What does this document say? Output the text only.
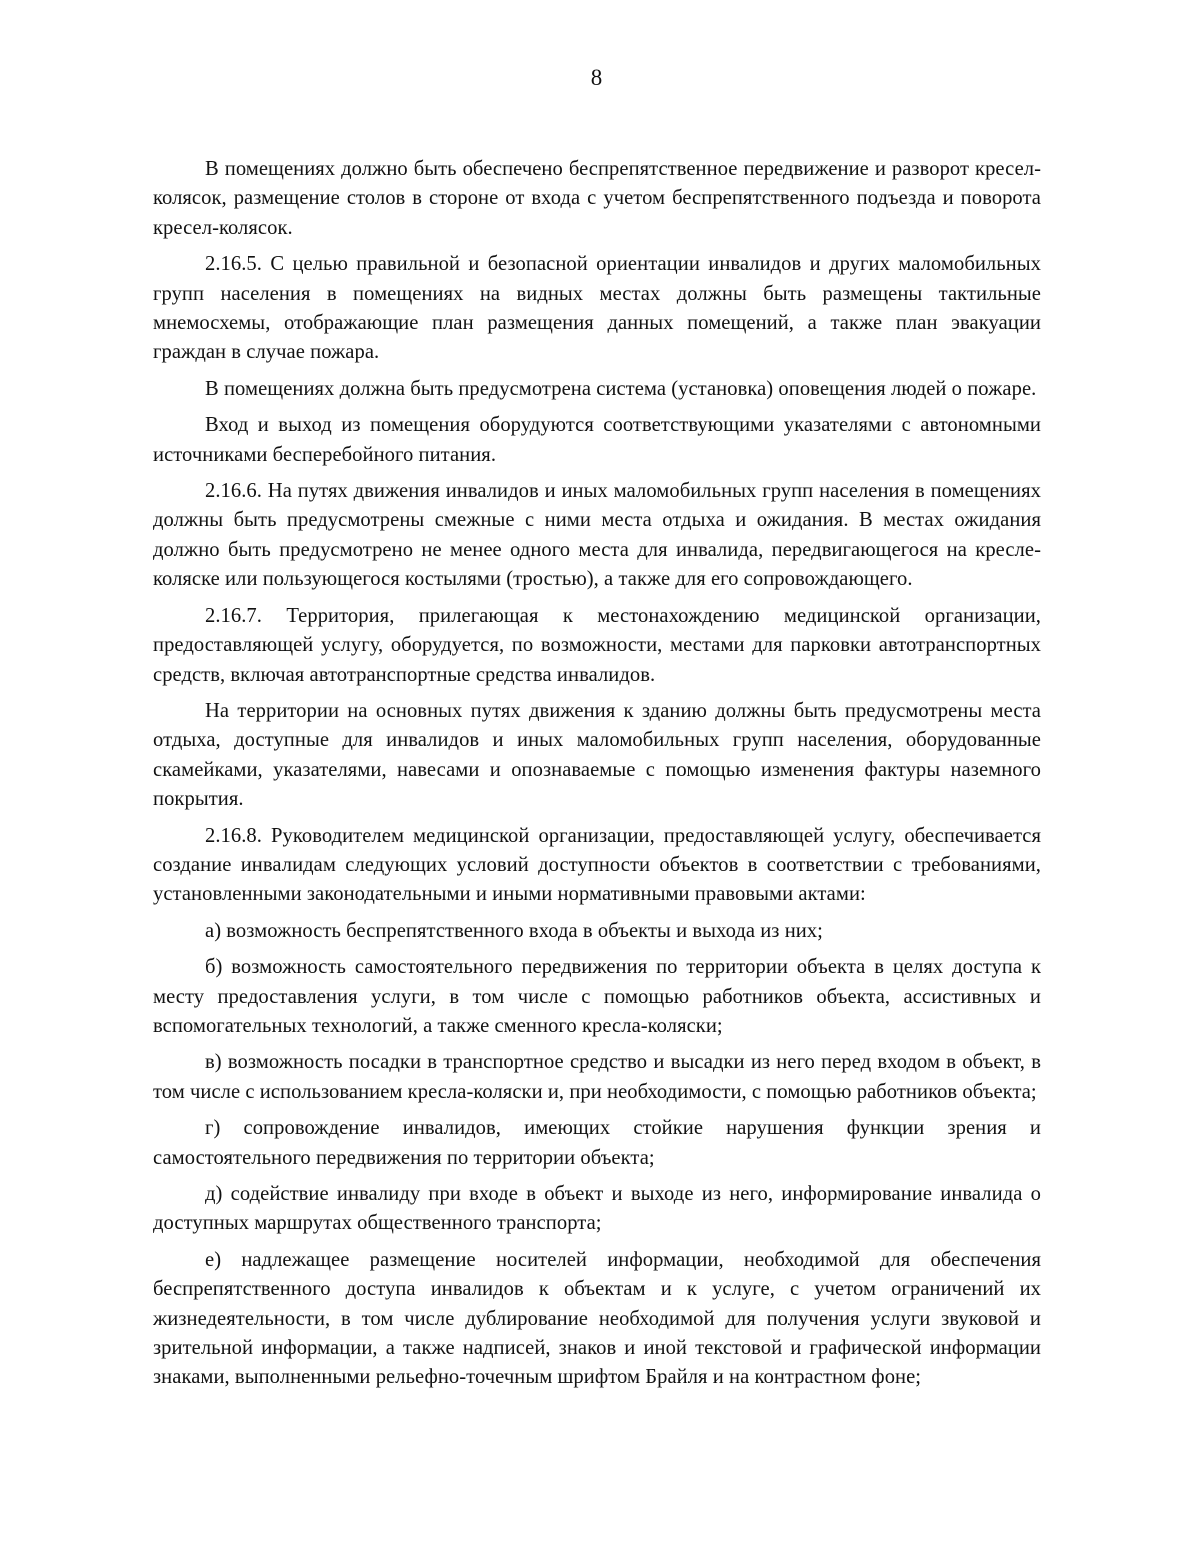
8

В помещениях должно быть обеспечено беспрепятственное передвижение и разворот кресел-колясок, размещение столов в стороне от входа с учетом беспрепятственного подъезда и поворота кресел-колясок.

2.16.5. С целью правильной и безопасной ориентации инвалидов и других маломобильных групп населения в помещениях на видных местах должны быть размещены тактильные мнемосхемы, отображающие план размещения данных помещений, а также план эвакуации граждан в случае пожара.

В помещениях должна быть предусмотрена система (установка) оповещения людей о пожаре.

Вход и выход из помещения оборудуются соответствующими указателями с автономными источниками бесперебойного питания.

2.16.6. На путях движения инвалидов и иных маломобильных групп населения в помещениях должны быть предусмотрены смежные с ними места отдыха и ожидания. В местах ожидания должно быть предусмотрено не менее одного места для инвалида, передвигающегося на кресле-коляске или пользующегося костылями (тростью), а также для его сопровождающего.

2.16.7. Территория, прилегающая к местонахождению медицинской организации, предоставляющей услугу, оборудуется, по возможности, местами для парковки автотранспортных средств, включая автотранспортные средства инвалидов.

На территории на основных путях движения к зданию должны быть предусмотрены места отдыха, доступные для инвалидов и иных маломобильных групп населения, оборудованные скамейками, указателями, навесами и опознаваемые с помощью изменения фактуры наземного покрытия.

2.16.8. Руководителем медицинской организации, предоставляющей услугу, обеспечивается создание инвалидам следующих условий доступности объектов в соответствии с требованиями, установленными законодательными и иными нормативными правовыми актами:

а) возможность беспрепятственного входа в объекты и выхода из них;

б) возможность самостоятельного передвижения по территории объекта в целях доступа к месту предоставления услуги, в том числе с помощью работников объекта, ассистивных и вспомогательных технологий, а также сменного кресла-коляски;

в) возможность посадки в транспортное средство и высадки из него перед входом в объект, в том числе с использованием кресла-коляски и, при необходимости, с помощью работников объекта;

г) сопровождение инвалидов, имеющих стойкие нарушения функции зрения и самостоятельного передвижения по территории объекта;

д) содействие инвалиду при входе в объект и выходе из него, информирование инвалида о доступных маршрутах общественного транспорта;

е) надлежащее размещение носителей информации, необходимой для обеспечения беспрепятственного доступа инвалидов к объектам и к услуге, с учетом ограничений их жизнедеятельности, в том числе дублирование необходимой для получения услуги звуковой и зрительной информации, а также надписей, знаков и иной текстовой и графической информации знаками, выполненными рельефно-точечным шрифтом Брайля и на контрастном фоне;
